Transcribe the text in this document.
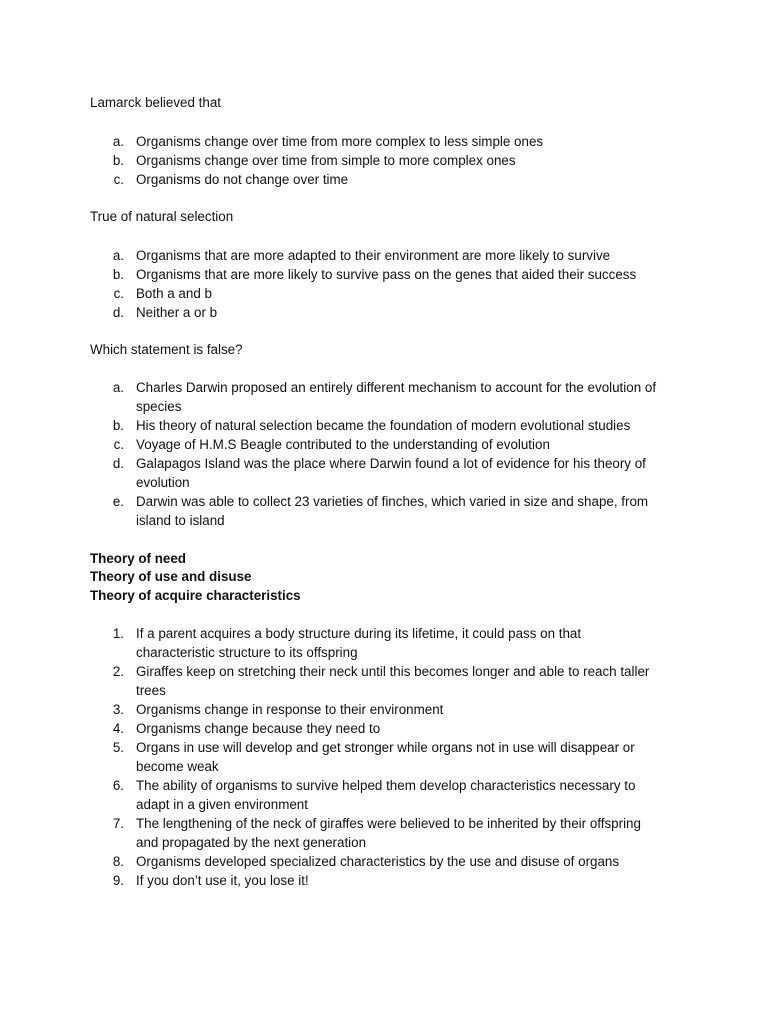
Lamarck believed that
a. Organisms change over time from more complex to less simple ones
b. Organisms change over time from simple to more complex ones
c. Organisms do not change over time
True of natural selection
a. Organisms that are more adapted to their environment are more likely to survive
b. Organisms that are more likely to survive pass on the genes that aided their success
c. Both a and b
d. Neither a or b
Which statement is false?
a. Charles Darwin proposed an entirely different mechanism to account for the evolution of
species
b. His theory of natural selection became the foundation of modern evolutional studies
c. Voyage of H.M.S Beagle contributed to the understanding of evolution
d. Galapagos Island was the place where Darwin found a lot of evidence for his theory of
evolution
e. Darwin was able to collect 23 varieties of finches, which varied in size and shape, from
island to island
Theory of need
Theory of use and disuse
Theory of acquire characteristics
1. If a parent acquires a body structure during its lifetime, it could pass on that
characteristic structure to its offspring
2. Giraffes keep on stretching their neck until this becomes longer and able to reach taller
trees
3. Organisms change in response to their environment
4. Organisms change because they need to
5. Organs in use will develop and get stronger while organs not in use will disappear or
become weak
6. The ability of organisms to survive helped them develop characteristics necessary to
adapt in a given environment
7. The lengthening of the neck of giraffes were believed to be inherited by their offspring
and propagated by the next generation
8. Organisms developed specialized characteristics by the use and disuse of organs
9. If you don’t use it, you lose it!
